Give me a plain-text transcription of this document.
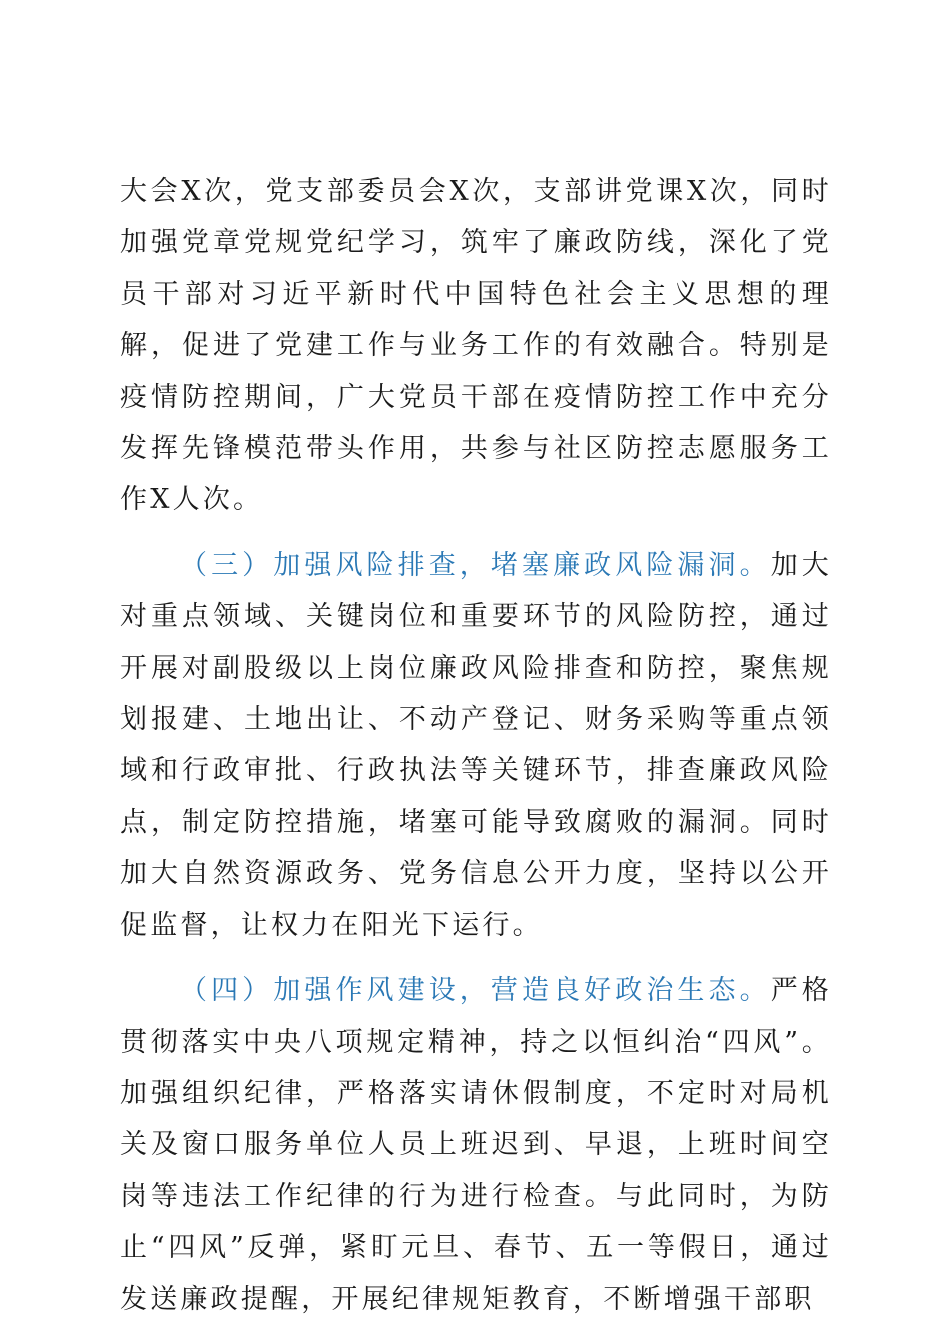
大会X次，党支部委员会X次，支部讲党课X次，同时加强党章党规党纪学习，筑牢了廉政防线，深化了党员干部对习近平新时代中国特色社会主义思想的理解，促进了党建工作与业务工作的有效融合。特别是疫情防控期间，广大党员干部在疫情防控工作中充分发挥先锋模范带头作用，共参与社区防控志愿服务工作X人次。

（三）加强风险排查，堵塞廉政风险漏洞。加大对重点领域、关键岗位和重要环节的风险防控，通过开展对副股级以上岗位廉政风险排查和防控，聚焦规划报建、土地出让、不动产登记、财务采购等重点领域和行政审批、行政执法等关键环节，排查廉政风险点，制定防控措施，堵塞可能导致腐败的漏洞。同时加大自然资源政务、党务信息公开力度，坚持以公开促监督，让权力在阳光下运行。

（四）加强作风建设，营造良好政治生态。严格贯彻落实中央八项规定精神，持之以恒纠治“四风”。加强组织纪律，严格落实请休假制度，不定时对局机关及窗口服务单位人员上班迟到、早退，上班时间空岗等违法工作纪律的行为进行检查。与此同时，为防止“四风”反弹，紧盯元旦、春节、五一等假日，通过发送廉政提醒，开展纪律规矩教育，不断增强干部职
